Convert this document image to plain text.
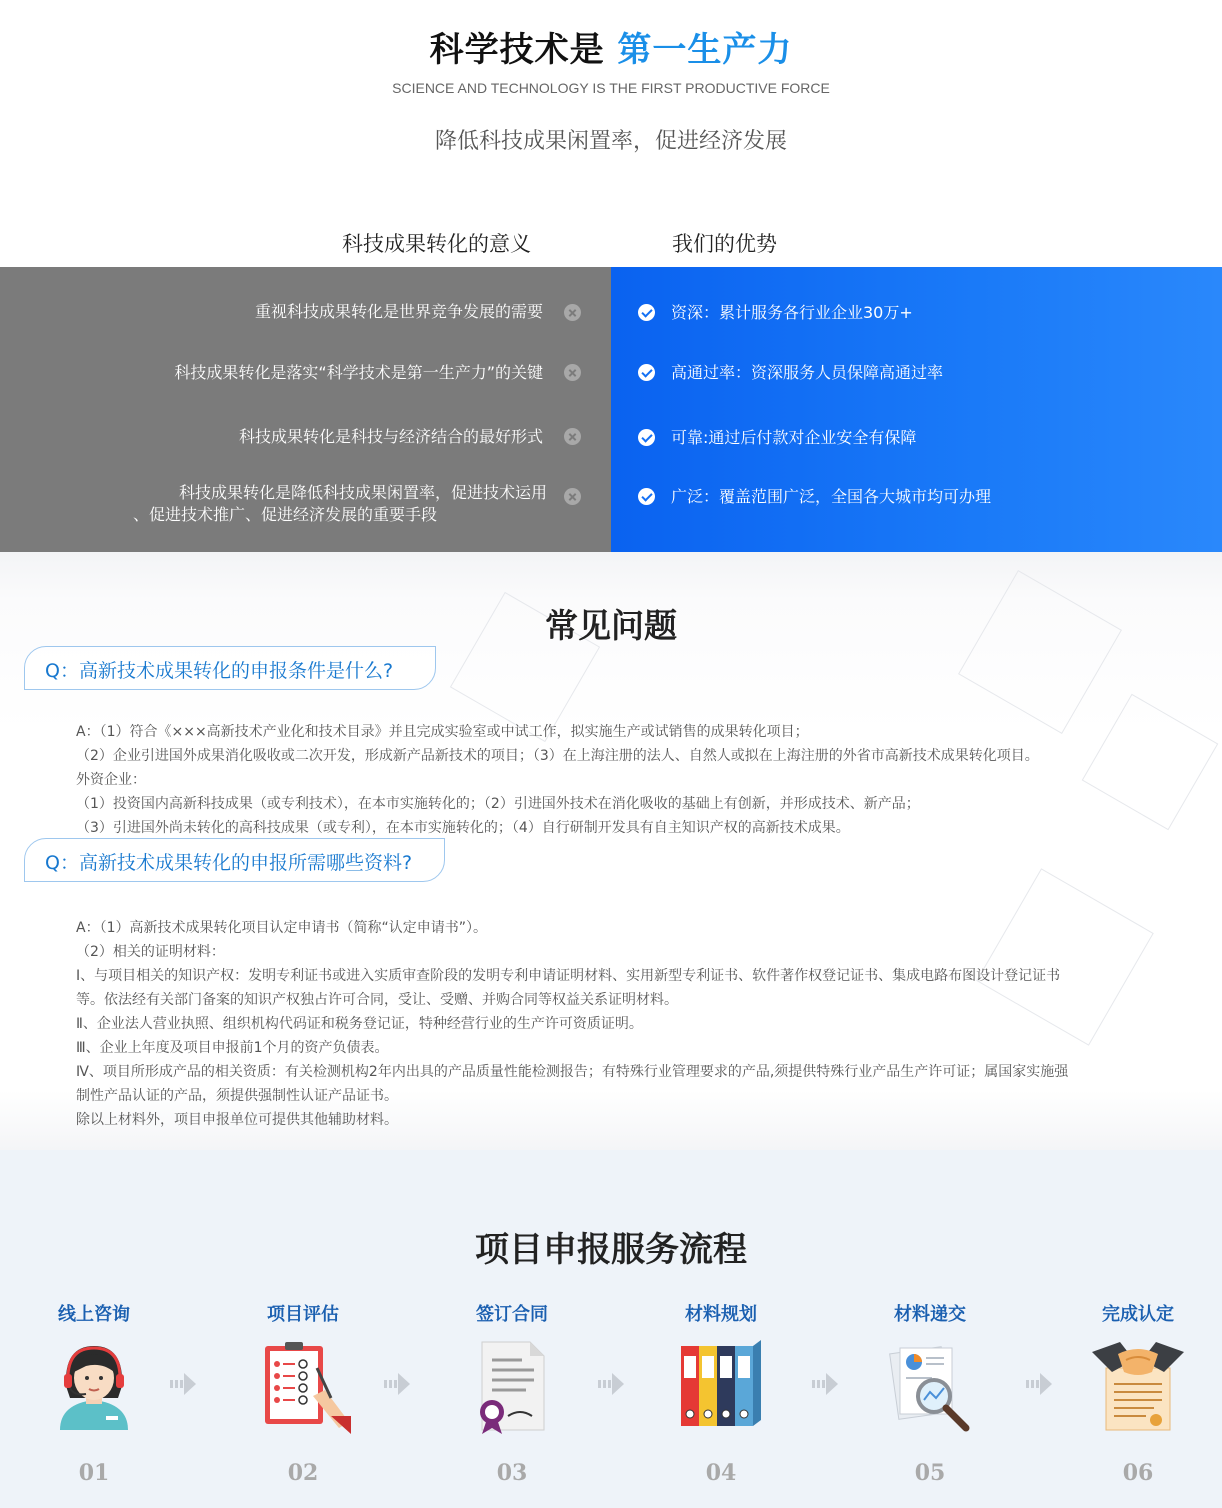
科学技术是 第一生产力
SCIENCE AND TECHNOLOGY IS THE FIRST PRODUCTIVE FORCE
降低科技成果闲置率，促进经济发展
科技成果转化的意义	我们的优势
重视科技成果转化是世界竞争发展的需要
科技成果转化是落实“科学技术是第一生产力”的关键
科技成果转化是科技与经济结合的最好形式
科技成果转化是降低科技成果闲置率，促进技术运用
、促进技术推广、促进经济发展的重要手段
资深：累计服务各行业企业30万+
高通过率：资深服务人员保障高通过率
可靠:通过后付款对企业安全有保障
广泛：覆盖范围广泛，全国各大城市均可办理
常见问题
Q：高新技术成果转化的申报条件是什么?
A：（1）符合《×××高新技术产业化和技术目录》并且完成实验室或中试工作，拟实施生产或试销售的成果转化项目；
（2）企业引进国外成果消化吸收或二次开发，形成新产品新技术的项目；（3）在上海注册的法人、自然人或拟在上海注册的外省市高新技术成果转化项目。
外资企业：
（1）投资国内高新科技成果（或专利技术），在本市实施转化的；（2）引进国外技术在消化吸收的基础上有创新，并形成技术、新产品；
（3）引进国外尚未转化的高科技成果（或专利），在本市实施转化的；（4）自行研制开发具有自主知识产权的高新技术成果。
Q：高新技术成果转化的申报所需哪些资料?
A：（1）高新技术成果转化项目认定申请书（简称“认定申请书”）。
（2）相关的证明材料：
Ⅰ、与项目相关的知识产权：发明专利证书或进入实质审查阶段的发明专利申请证明材料、实用新型专利证书、软件著作权登记证书、集成电路布图设计登记证书
等。依法经有关部门备案的知识产权独占许可合同，受让、受赠、并购合同等权益关系证明材料。
Ⅱ、企业法人营业执照、组织机构代码证和税务登记证，特种经营行业的生产许可资质证明。
Ⅲ、企业上年度及项目申报前1个月的资产负债表。
Ⅳ、项目所形成产品的相关资质：有关检测机构2年内出具的产品质量性能检测报告；有特殊行业管理要求的产品,须提供特殊行业产品生产许可证；属国家实施强
制性产品认证的产品，须提供强制性认证产品证书。
除以上材料外，项目申报单位可提供其他辅助材料。
项目申报服务流程
线上咨询
01
项目评估
02
签订合同
03
材料规划
04
材料递交
05
完成认定
06
